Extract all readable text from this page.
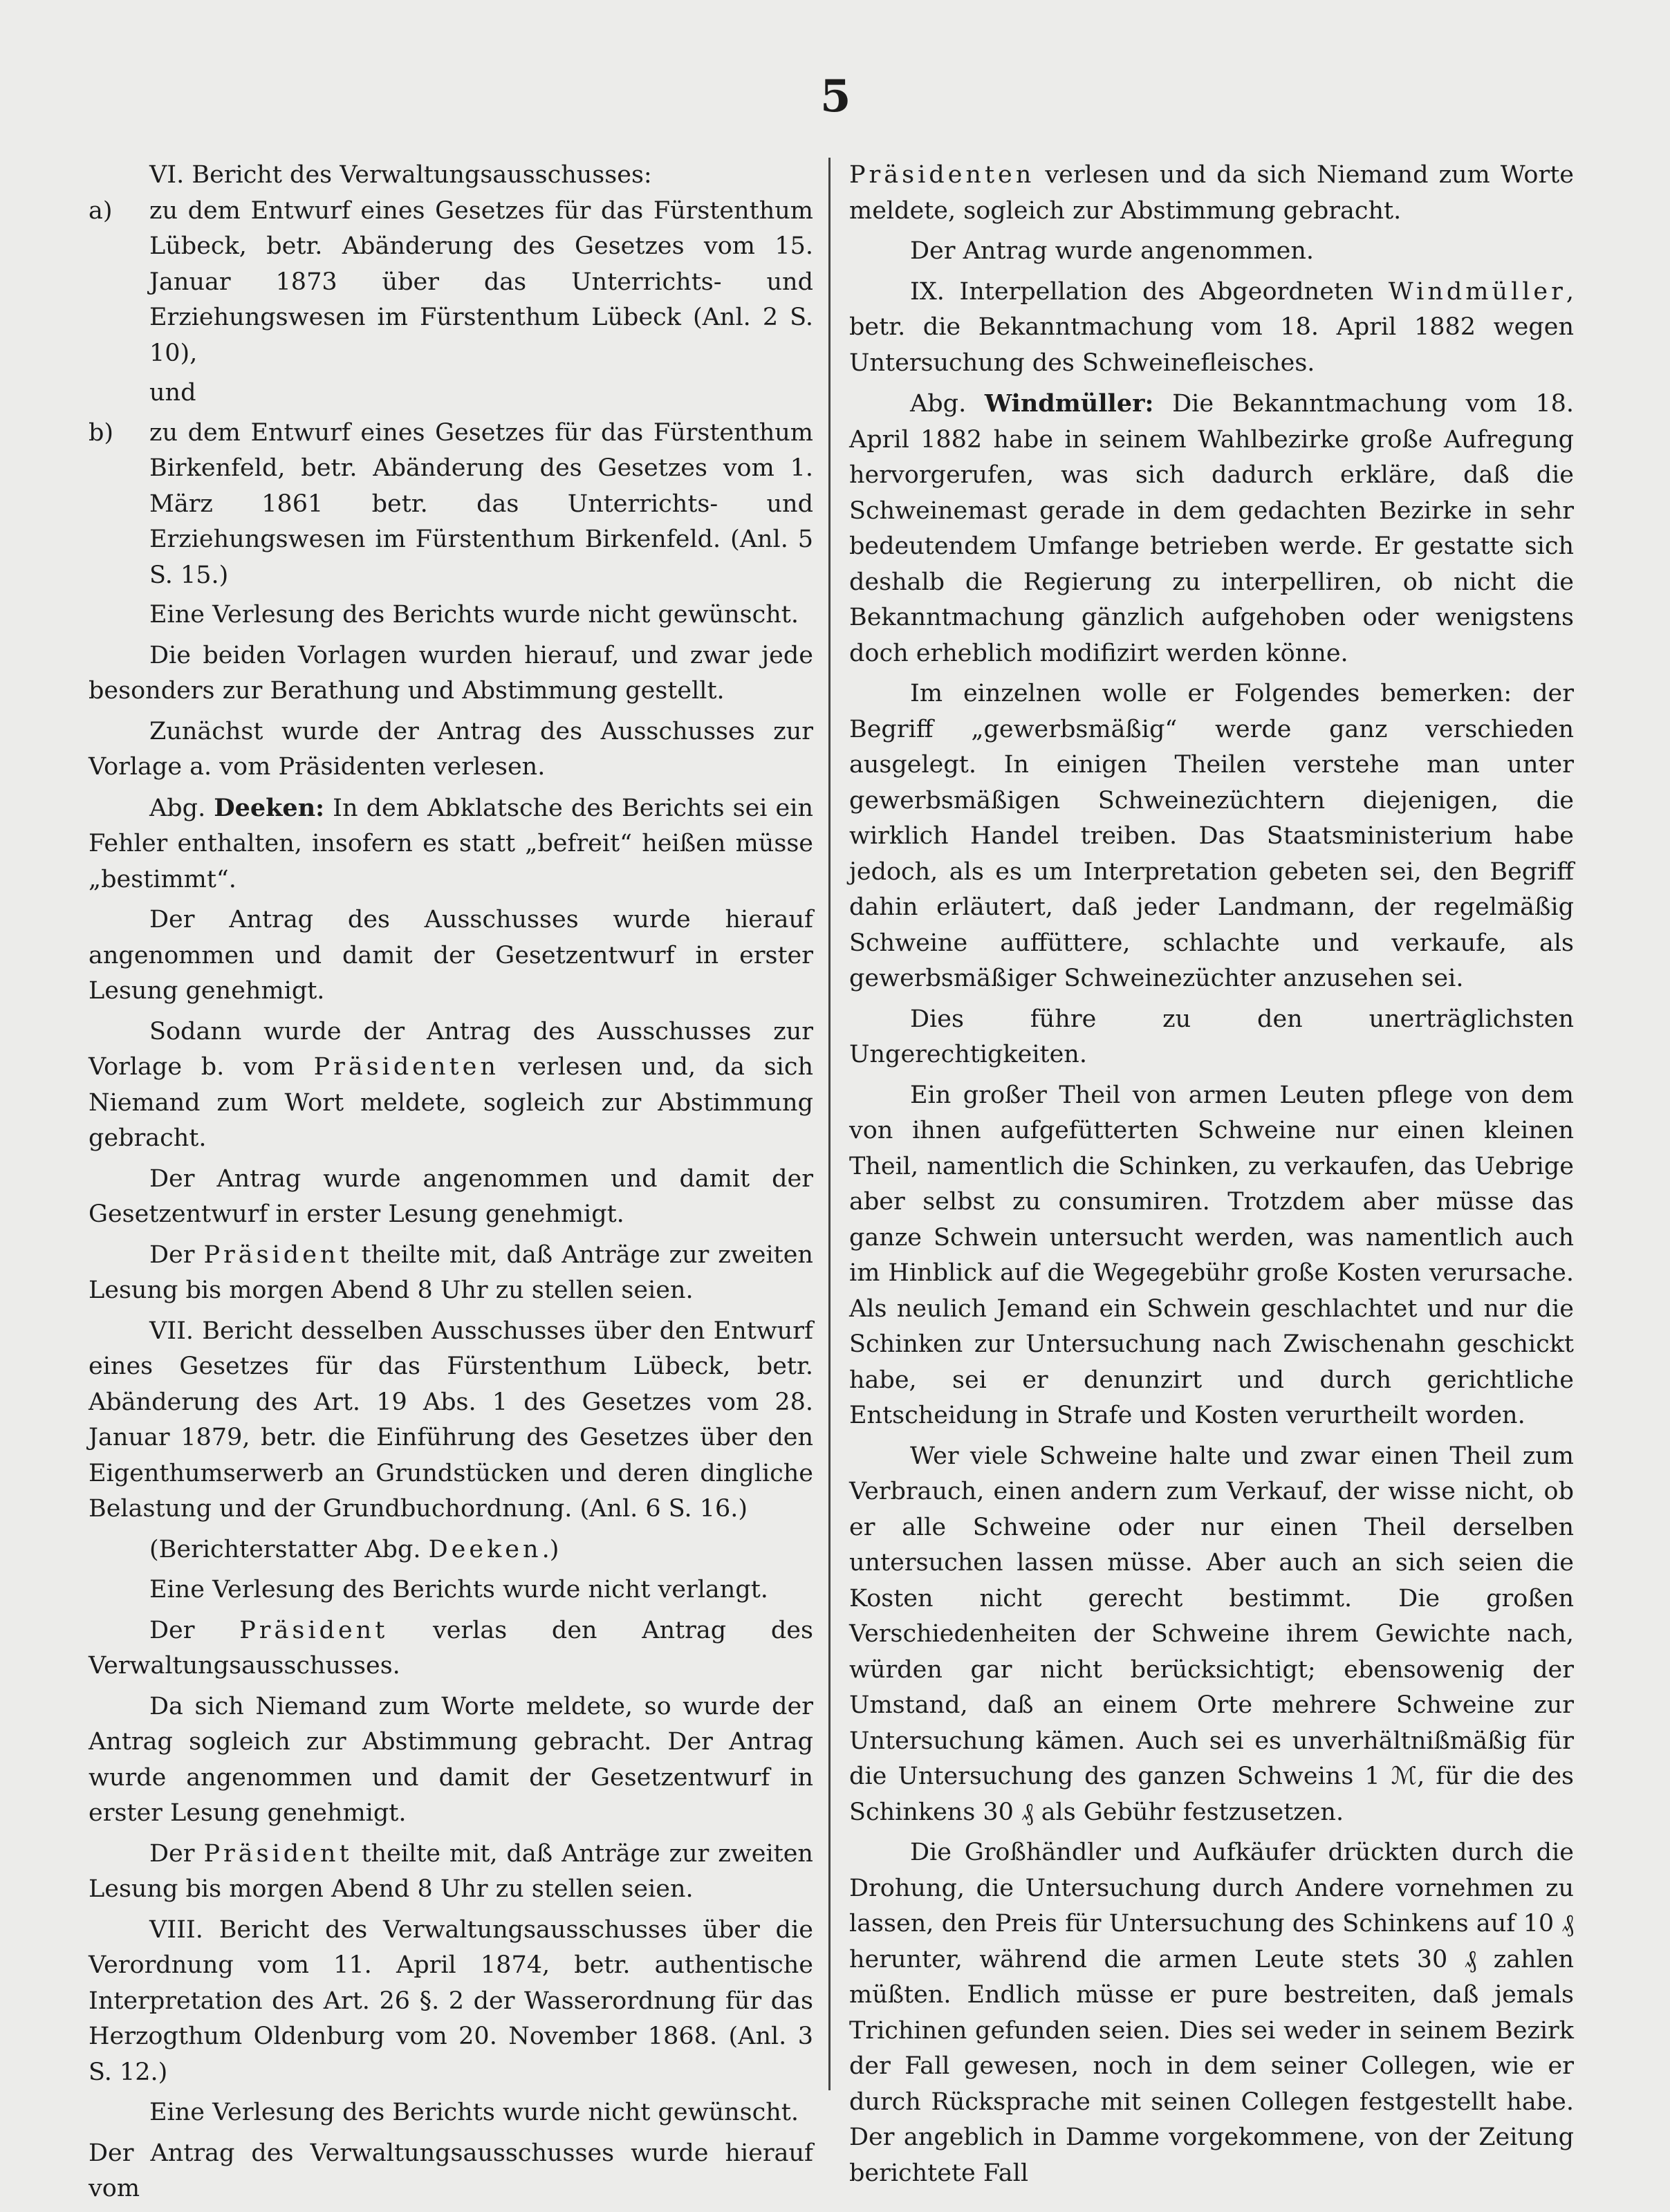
5

VI. Bericht des Verwaltungsausschusses:

a) zu dem Entwurf eines Gesetzes für das Fürstenthum Lübeck, betr. Abänderung des Gesetzes vom 15. Januar 1873 über das Unterrichts- und Erziehungswesen im Fürstenthum Lübeck (Anl. 2 S. 10),
und
b) zu dem Entwurf eines Gesetzes für das Fürstenthum Birkenfeld, betr. Abänderung des Gesetzes vom 1. März 1861 betr. das Unterrichts- und Erziehungswesen im Fürstenthum Birkenfeld. (Anl. 5 S. 15.)

Eine Verlesung des Berichts wurde nicht gewünscht.

Die beiden Vorlagen wurden hierauf, und zwar jede besonders zur Berathung und Abstimmung gestellt.

Zunächst wurde der Antrag des Ausschusses zur Vorlage a. vom Präsidenten verlesen.

Abg. Deeken: In dem Abklatsche des Berichts sei ein Fehler enthalten, insofern es statt „befreit“ heißen müsse „bestimmt“.

Der Antrag des Ausschusses wurde hierauf angenommen und damit der Gesetzentwurf in erster Lesung genehmigt.

Sodann wurde der Antrag des Ausschusses zur Vorlage b. vom Präsidenten verlesen und, da sich Niemand zum Wort meldete, sogleich zur Abstimmung gebracht.

Der Antrag wurde angenommen und damit der Gesetzentwurf in erster Lesung genehmigt.

Der Präsident theilte mit, daß Anträge zur zweiten Lesung bis morgen Abend 8 Uhr zu stellen seien.

VII. Bericht desselben Ausschusses über den Entwurf eines Gesetzes für das Fürstenthum Lübeck, betr. Abänderung des Art. 19 Abs. 1 des Gesetzes vom 28. Januar 1879, betr. die Einführung des Gesetzes über den Eigenthumserwerb an Grundstücken und deren dingliche Belastung und der Grundbuchordnung. (Anl. 6 S. 16.)

(Berichterstatter Abg. Deeken.)

Eine Verlesung des Berichts wurde nicht verlangt.

Der Präsident verlas den Antrag des Verwaltungsausschusses.

Da sich Niemand zum Worte meldete, so wurde der Antrag sogleich zur Abstimmung gebracht. Der Antrag wurde angenommen und damit der Gesetzentwurf in erster Lesung genehmigt.

Der Präsident theilte mit, daß Anträge zur zweiten Lesung bis morgen Abend 8 Uhr zu stellen seien.

VIII. Bericht des Verwaltungsausschusses über die Verordnung vom 11. April 1874, betr. authentische Interpretation des Art. 26 §. 2 der Wasserordnung für das Herzogthum Oldenburg vom 20. November 1868. (Anl. 3 S. 12.)

Eine Verlesung des Berichts wurde nicht gewünscht.

Der Antrag des Verwaltungsausschusses wurde hierauf vom

Präsidenten verlesen und da sich Niemand zum Worte meldete, sogleich zur Abstimmung gebracht.

Der Antrag wurde angenommen.

IX. Interpellation des Abgeordneten Windmüller, betr. die Bekanntmachung vom 18. April 1882 wegen Untersuchung des Schweinefleisches.

Abg. Windmüller: Die Bekanntmachung vom 18. April 1882 habe in seinem Wahlbezirke große Aufregung hervorgerufen, was sich dadurch erkläre, daß die Schweinemast gerade in dem gedachten Bezirke in sehr bedeutendem Umfange betrieben werde. Er gestatte sich deshalb die Regierung zu interpelliren, ob nicht die Bekanntmachung gänzlich aufgehoben oder wenigstens doch erheblich modifizirt werden könne.

Im einzelnen wolle er Folgendes bemerken: der Begriff „gewerbsmäßig“ werde ganz verschieden ausgelegt. In einigen Theilen verstehe man unter gewerbsmäßigen Schweinezüchtern diejenigen, die wirklich Handel treiben. Das Staatsministerium habe jedoch, als es um Interpretation gebeten sei, den Begriff dahin erläutert, daß jeder Landmann, der regelmäßig Schweine auffüttere, schlachte und verkaufe, als gewerbsmäßiger Schweinezüchter anzusehen sei.

Dies führe zu den unerträglichsten Ungerechtigkeiten.

Ein großer Theil von armen Leuten pflege von dem von ihnen aufgefütterten Schweine nur einen kleinen Theil, namentlich die Schinken, zu verkaufen, das Uebrige aber selbst zu consumiren. Trotzdem aber müsse das ganze Schwein untersucht werden, was namentlich auch im Hinblick auf die Wegegebühr große Kosten verursache. Als neulich Jemand ein Schwein geschlachtet und nur die Schinken zur Untersuchung nach Zwischenahn geschickt habe, sei er denunzirt und durch gerichtliche Entscheidung in Strafe und Kosten verurtheilt worden.

Wer viele Schweine halte und zwar einen Theil zum Verbrauch, einen andern zum Verkauf, der wisse nicht, ob er alle Schweine oder nur einen Theil derselben untersuchen lassen müsse. Aber auch an sich seien die Kosten nicht gerecht bestimmt. Die großen Verschiedenheiten der Schweine ihrem Gewichte nach, würden gar nicht berücksichtigt; ebensowenig der Umstand, daß an einem Orte mehrere Schweine zur Untersuchung kämen. Auch sei es unverhältnißmäßig für die Untersuchung des ganzen Schweins 1 ℳ, für die des Schinkens 30 ₰ als Gebühr festzusetzen.

Die Großhändler und Aufkäufer drückten durch die Drohung, die Untersuchung durch Andere vornehmen zu lassen, den Preis für Untersuchung des Schinkens auf 10 ₰ herunter, während die armen Leute stets 30 ₰ zahlen müßten. Endlich müsse er pure bestreiten, daß jemals Trichinen gefunden seien. Dies sei weder in seinem Bezirk der Fall gewesen, noch in dem seiner Collegen, wie er durch Rücksprache mit seinen Collegen festgestellt habe. Der angeblich in Damme vorgekommene, von der Zeitung berichtete Fall
